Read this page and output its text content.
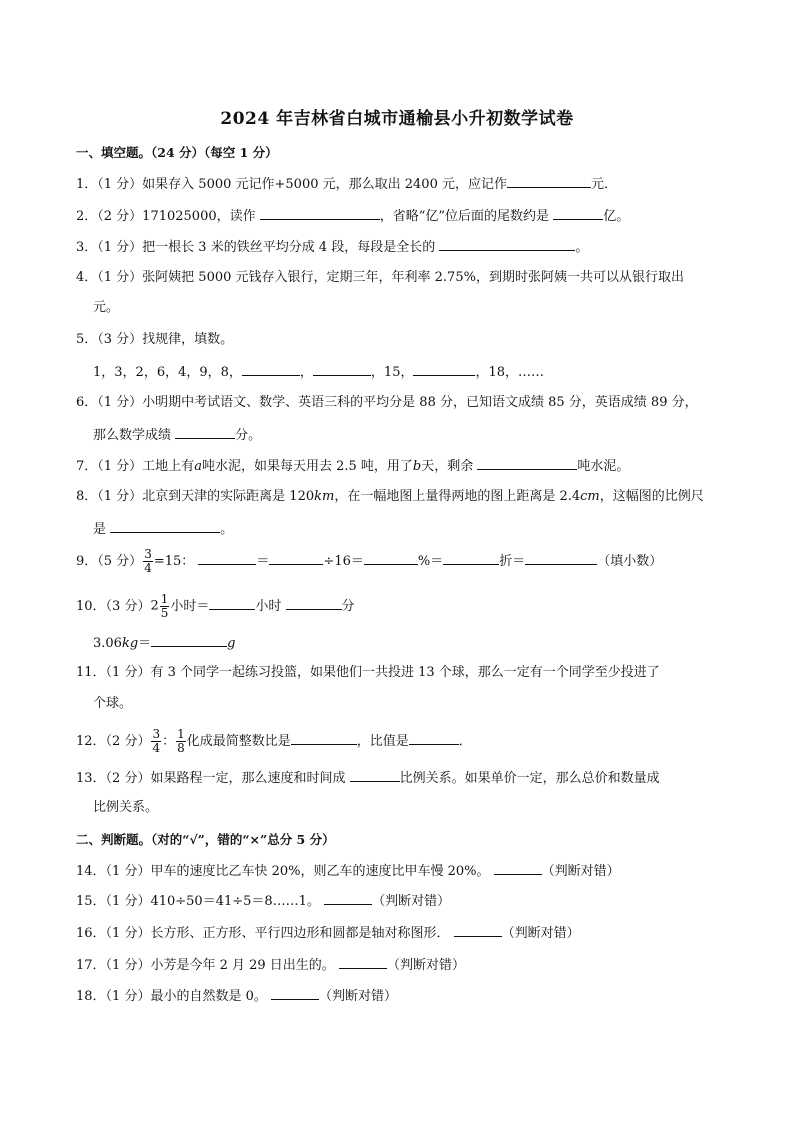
2024 年吉林省白城市通榆县小升初数学试卷
一、填空题。（24 分）（每空 1 分）
1．（1 分）如果存入 5000 元记作+5000 元，那么取出 2400 元，应记作	元．
2．（2 分）171025000，读作	，省略“亿”位后面的尾数约是	亿。
3．（1 分）把一根长 3 米的铁丝平均分成 4 段，每段是全长的	。
4．（1 分）张阿姨把 5000 元钱存入银行，定期三年，年利率 2.75%，到期时张阿姨一共可以从银行取出
元。
5．（3 分）找规律，填数。
1，3，2，6，4，9，8，	，	，15，	，18，……
6．（1 分）小明期中考试语文、数学、英语三科的平均分是 88 分，已知语文成绩 85 分，英语成绩 89 分，
那么数学成绩	分。
7．（1 分）工地上有a吨水泥，如果每天用去 2.5 吨，用了b天，剩余	吨水泥。
8．（1 分）北京到天津的实际距离是 120km，在一幅地图上量得两地的图上距离是 2.4cm，这幅图的比例尺
是	。
9．（5 分） $\frac{3}{4} =15$：	＝	÷16＝	%＝	折＝	（填小数）
10．（3 分）$2 \frac{1}{5}$ 小时＝	小时	分
3.06kg＝	g
11．（1 分）有 3 个同学一起练习投篮，如果他们一共投进 13 个球，那么一定有一个同学至少投进了
个球。
12．（2 分） $\frac{3}{4}$ ： $\frac{1}{8}$ 化成最简整数比是	，比值是	．
13．（2 分）如果路程一定，那么速度和时间成	比例关系。如果单价一定，那么总价和数量成
比例关系。
二、判断题。（对的“√”，错的“×”总分 5 分）
14．（1 分）甲车的速度比乙车快 20%，则乙车的速度比甲车慢 20%。	（判断对错）
15．（1 分）410÷50＝41÷5＝8……1。	（判断对错）
16．（1 分）长方形、正方形、平行四边形和圆都是轴对称图形．	（判断对错）
17．（1 分）小芳是今年 2 月 29 日出生的。	（判断对错）
18．（1 分）最小的自然数是 0。	（判断对错）
